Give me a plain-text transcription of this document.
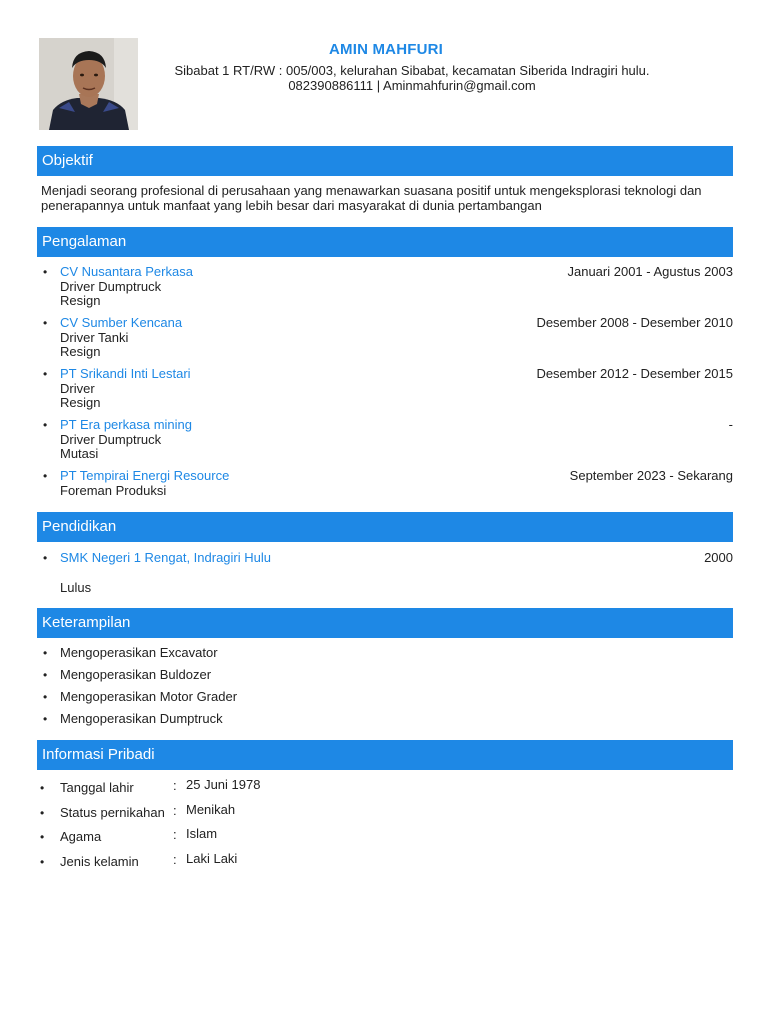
AMIN MAHFURI
Sibabat 1 RT/RW : 005/003, kelurahan Sibabat, kecamatan Siberida Indragiri hulu.
082390886111 | Aminmahfurin@gmail.com
Objektif
Menjadi seorang profesional di perusahaan yang menawarkan suasana positif untuk mengeksplorasi teknologi dan penerapannya untuk manfaat yang lebih besar dari masyarakat di dunia pertambangan
Pengalaman
• CV Nusantara Perkasa	Januari 2001 - Agustus 2003
Driver Dumptruck
Resign
• CV Sumber Kencana	Desember 2008 - Desember 2010
Driver Tanki
Resign
• PT Srikandi Inti Lestari	Desember 2012 - Desember 2015
Driver
Resign
• PT Era perkasa mining	-
Driver Dumptruck
Mutasi
• PT Tempirai Energi Resource	September 2023 - Sekarang
Foreman Produksi
Pendidikan
• SMK Negeri 1 Rengat, Indragiri Hulu	2000
Lulus
Keterampilan
• Mengoperasikan Excavator
• Mengoperasikan Buldozer
• Mengoperasikan Motor Grader
• Mengoperasikan Dumptruck
Informasi Pribadi
• Tanggal lahir	: 25 Juni 1978
• Status pernikahan : Menikah
• Agama	: Islam
• Jenis kelamin	: Laki Laki
